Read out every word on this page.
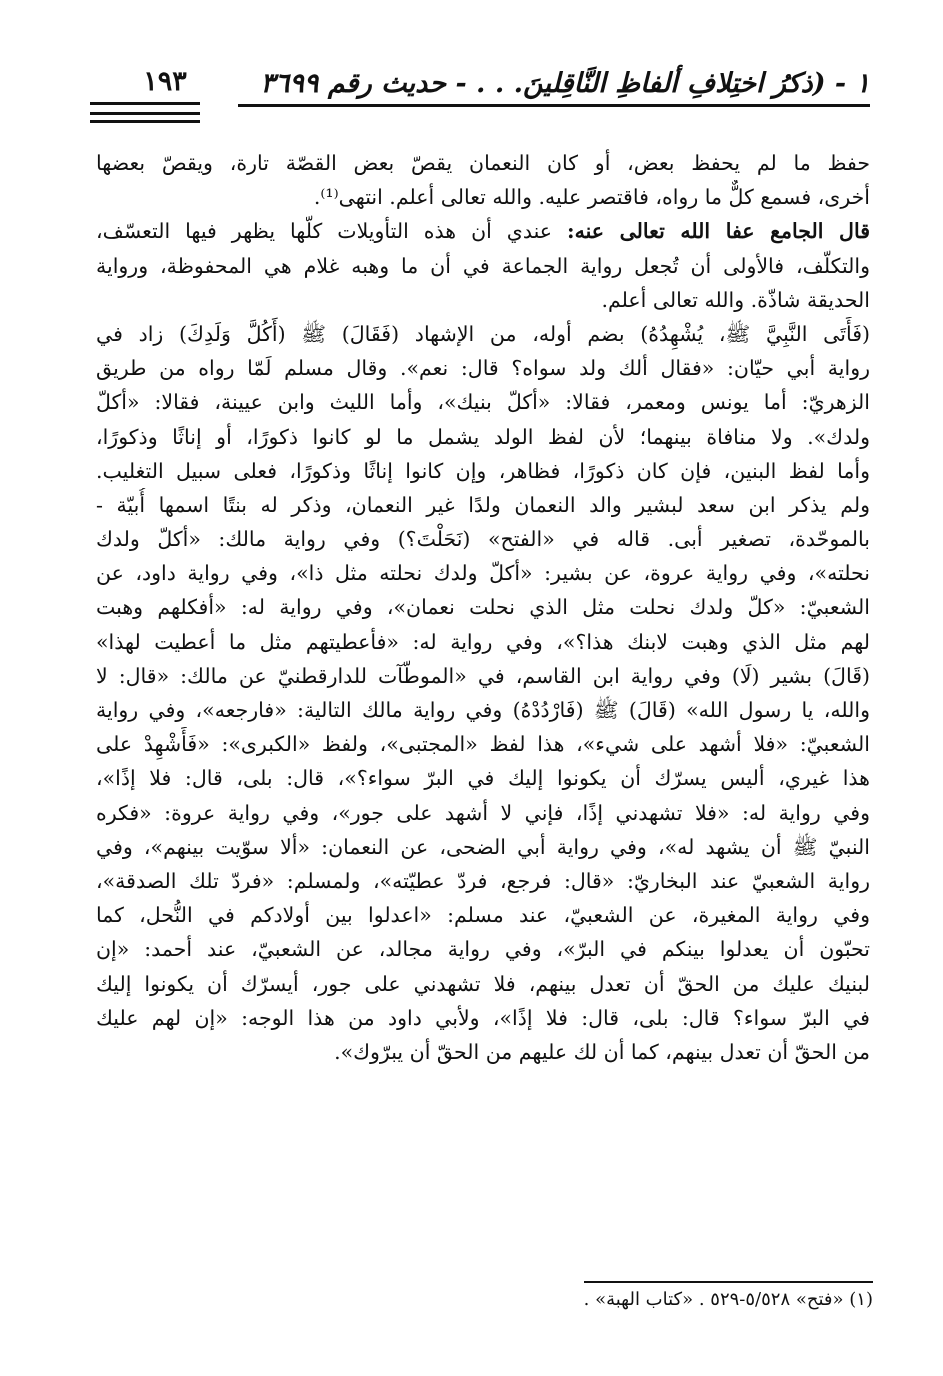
١ - (ذكرُ اختِلافِ ألفاظِ النَّاقِلينَ. . . - حديث رقم ٣٦٩٩
١٩٣
حفظ ما لم يحفظ بعض، أو كان النعمان يقصّ بعض القصّة تارة، ويقصّ بعضها
أخرى، فسمع كلٌّ ما رواه، فاقتصر عليه. والله تعالى أعلم. انتهى⁽¹⁾.
قال الجامع عفا الله تعالى عنه: عندي أن هذه التأويلات كلّها يظهر فيها التعسّف،
والتكلّف، فالأولى أن تُجعل رواية الجماعة في أن ما وهبه غلام هي المحفوظة، ورواية
الحديقة شاذّة. والله تعالى أعلم.
(فَأَتَى النَّبِيَّ ﷺ، يُشْهِدُهُ) بضم أوله، من الإشهاد (فَقَالَ) ﷺ (أَكُلَّ وَلَدِكَ) زاد في
رواية أبي حيّان: «فقال ألك ولد سواه؟ قال: نعم». وقال مسلم لَمّا رواه من طريق
الزهريّ: أما يونس ومعمر، فقالا: «أكلّ بنيك»، وأما الليث وابن عيينة، فقالا: «أكلّ
ولدك». ولا منافاة بينهما؛ لأن لفظ الولد يشمل ما لو كانوا ذكورًا، أو إناثًا وذكورًا،
وأما لفظ البنين، فإن كان ذكورًا، فظاهر، وإن كانوا إناثًا وذكورًا، فعلى سبيل التغليب.
ولم يذكر ابن سعد لبشير والد النعمان ولدًا غير النعمان، وذكر له بنتًا اسمها أُبيّة -
بالموحّدة، تصغير أبى. قاله في «الفتح» (نَحَلْتَ؟) وفي رواية مالك: «أكلّ ولدك
نحلته»، وفي رواية عروة، عن بشير: «أكلّ ولدك نحلته مثل ذا»، وفي رواية داود، عن
الشعبيّ: «كلّ ولدك نحلت مثل الذي نحلت نعمان»، وفي رواية له: «أفكلهم وهبت
لهم مثل الذي وهبت لابنك هذا؟»، وفي رواية له: «فأعطيتهم مثل ما أعطيت لهذا»
(قَالَ) بشير (لَا) وفي رواية ابن القاسم، في «الموطّآت للدارقطنيّ عن مالك: «قال: لا
والله، يا رسول الله» (قَالَ) ﷺ (فَارْدُدْهُ) وفي رواية مالك التالية: «فارجعه»، وفي رواية
الشعبيّ: «فلا أشهد على شيء»، هذا لفظ «المجتبى»، ولفظ «الكبرى»: «فَأَشْهِدْ على
هذا غيري، أليس يسرّك أن يكونوا إليك في البرّ سواء؟»، قال: بلى، قال: فلا إذًا»،
وفي رواية له: «فلا تشهدني إذًا، فإني لا أشهد على جور»، وفي رواية عروة: «فكره
النبيّ ﷺ أن يشهد له»، وفي رواية أبي الضحى، عن النعمان: «ألا سوّيت بينهم»، وفي
رواية الشعبيّ عند البخاريّ: «قال: فرجع، فردّ عطيّته»، ولمسلم: «فردّ تلك الصدقة»،
وفي رواية المغيرة، عن الشعبيّ، عند مسلم: «اعدلوا بين أولادكم في النُّحل، كما
تحبّون أن يعدلوا بينكم في البرّ»، وفي رواية مجالد، عن الشعبيّ، عند أحمد: «إن
لبنيك عليك من الحقّ أن تعدل بينهم، فلا تشهدني على جور، أيسرّك أن يكونوا إليك
في البرّ سواء؟ قال: بلى، قال: فلا إذًا»، ولأبي داود من هذا الوجه: «إن لهم عليك
من الحقّ أن تعدل بينهم، كما أن لك عليهم من الحقّ أن يبرّوك».
(١) «فتح» ٥/٥٢٨-٥٢٩ . «كتاب الهبة» .
